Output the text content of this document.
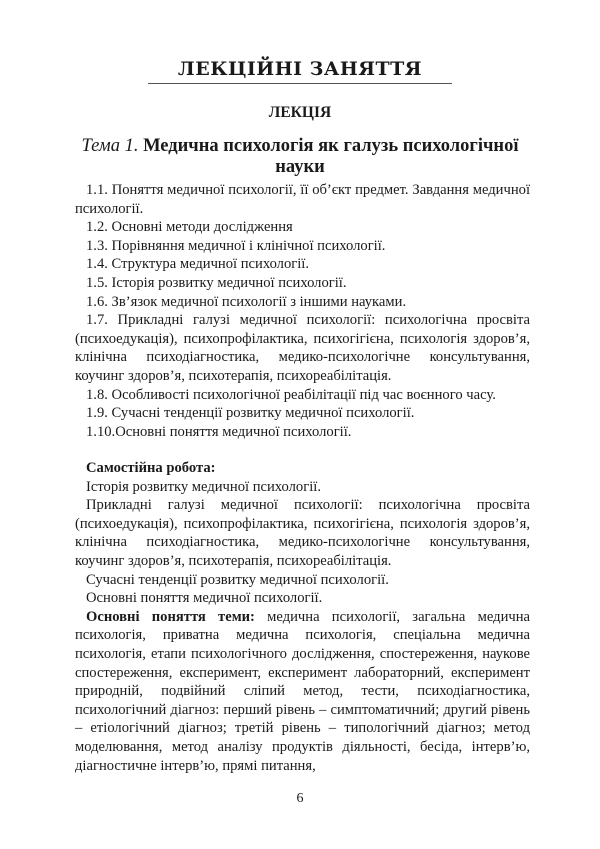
ЛЕКЦІЙНІ ЗАНЯТТЯ
ЛЕКЦІЯ
Тема 1. Медична психологія як галузь психологічної науки

1.1. Поняття медичної психології, її об’єкт предмет. Завдання медичної психології.

1.2. Основні методи дослідження

1.3. Порівняння медичної і клінічної психології.

1.4. Структура медичної психології.

1.5. Історія розвитку медичної психології.

1.6. Зв’язок медичної психології з іншими науками.

1.7. Прикладні галузі медичної психології: психологічна просвіта (психоедукація), психопрофілактика, психогігієна, психологія здоров’я, клінічна психодіагностика, медико-психологічне консультування, коучинг здоров’я, психотерапія, психореабілітація.

1.8. Особливості психологічної реабілітації під час воєнного часу.

1.9. Сучасні тенденції розвитку медичної психології.

1.10.Основні поняття медичної психології.

Самостійна робота:

Історія розвитку медичної психології.

Прикладні галузі медичної психології: психологічна просвіта (психоедукація), психопрофілактика, психогігієна, психологія здоров’я, клінічна психодіагностика, медико-психологічне консультування, коучинг здоров’я, психотерапія, психореабілітація.

Сучасні тенденції розвитку медичної психології.

Основні поняття медичної психології.

Основні поняття теми: медична психології, загальна медична психологія, приватна медична психологія, спеціальна медична психологія, етапи психологічного дослідження, спостереження, наукове спостереження, експеримент, експеримент лабораторний, експеримент природній, подвійний сліпий метод, тести, психодіагностика, психологічний діагноз: перший рівень – симптоматичний; другий рівень – етіологічний діагноз; третій рівень – типологічний діагноз; метод моделювання, метод аналізу продуктів діяльності, бесіда, інтерв’ю, діагностичне інтерв’ю, прямі питання,

6
